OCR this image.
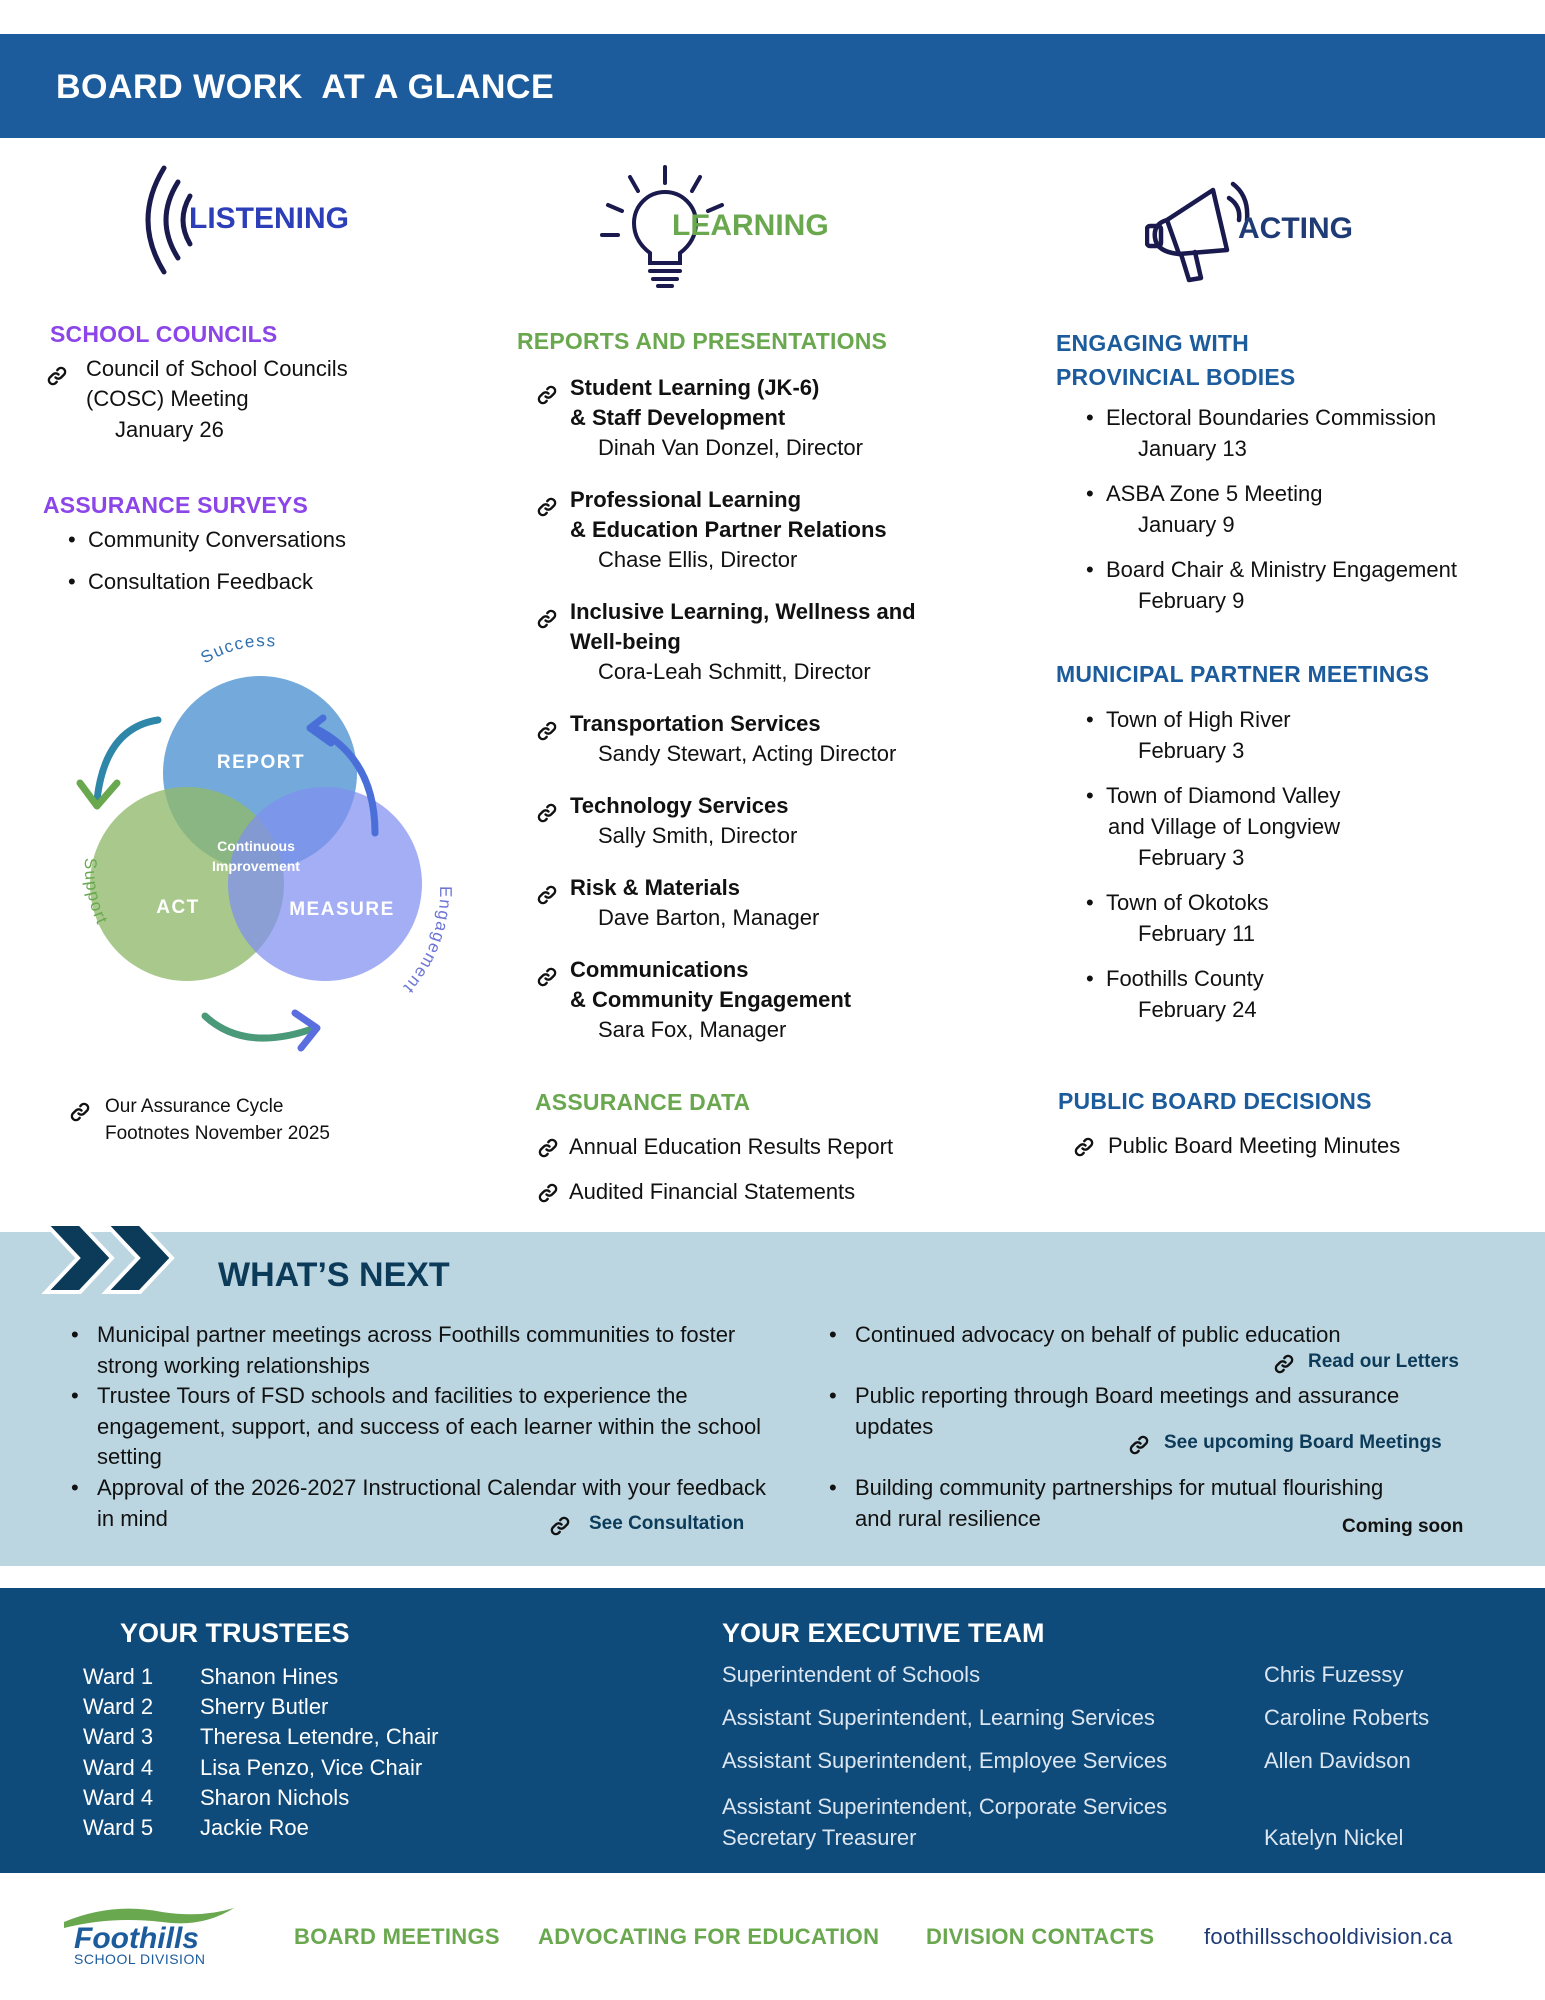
BOARD WORK  AT A GLANCE
LISTENING
SCHOOL COUNCILS
Council of School Councils
(COSC) Meeting
January 26
ASSURANCE SURVEYS
• Community Conversations
• Consultation Feedback
Success
Support
Engagement
REPORT
ACT	MEASURE
Continuous
Improvement
Our Assurance Cycle
Footnotes November 2025
LEARNING
REPORTS AND PRESENTATIONS
Student Learning (JK-6)
& Staff Development
Dinah Van Donzel, Director
Professional Learning
& Education Partner Relations
Chase Ellis, Director
Inclusive Learning, Wellness and
Well-being
Cora-Leah Schmitt, Director
Transportation Services
Sandy Stewart, Acting Director
Technology Services
Sally Smith, Director
Risk & Materials
Dave Barton, Manager
Communications
& Community Engagement
Sara Fox, Manager
ASSURANCE DATA
Annual Education Results Report
Audited Financial Statements
ACTING
ENGAGING WITH
PROVINCIAL BODIES
• Electoral Boundaries Commission
January 13
• ASBA Zone 5 Meeting
January 9
• Board Chair & Ministry Engagement
February 9
MUNICIPAL PARTNER MEETINGS
• Town of High River
February 3
• Town of Diamond Valley
and Village of Longview
February 3
• Town of Okotoks
February 11
• Foothills County
February 24
PUBLIC BOARD DECISIONS
Public Board Meeting Minutes
WHAT’S NEXT
• Municipal partner meetings across Foothills communities to foster strong working relationships
• Trustee Tours of FSD schools and facilities to experience the engagement, support, and success of each learner within the school setting
• Approval of the 2026-2027 Instructional Calendar with your feedback in mind	See Consultation
• Continued advocacy on behalf of public education
Read our Letters
• Public reporting through Board meetings and assurance updates
See upcoming Board Meetings
• Building community partnerships for mutual flourishing and rural resilience	Coming soon
YOUR TRUSTEES
Ward 1 Shanon Hines
Ward 2 Sherry Butler
Ward 3 Theresa Letendre, Chair
Ward 4 Lisa Penzo, Vice Chair
Ward 4 Sharon Nichols
Ward 5 Jackie Roe
YOUR EXECUTIVE TEAM
Superintendent of Schools	Chris Fuzessy
Assistant Superintendent, Learning Services	Caroline Roberts
Assistant Superintendent, Employee Services	Allen Davidson
Assistant Superintendent, Corporate Services
Secretary Treasurer	Katelyn Nickel
Foothills
SCHOOL DIVISION
BOARD MEETINGS ADVOCATING FOR EDUCATION DIVISION CONTACTS foothillsschooldivision.ca
